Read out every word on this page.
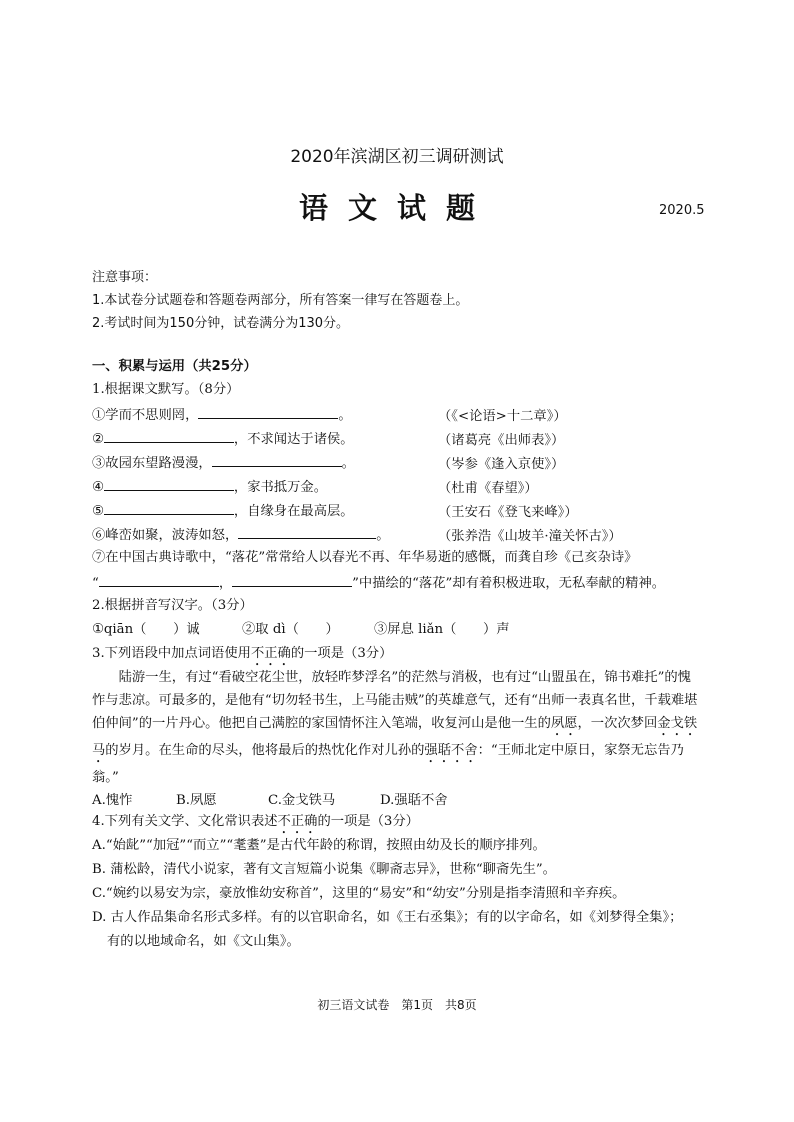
2020年滨湖区初三调研测试
语文试题	2020.5
注意事项：
1.本试卷分试题卷和答题卷两部分，所有答案一律写在答题卷上。
2.考试时间为150分钟，试卷满分为130分。
一、积累与运用（共25分）
1.根据课文默写。（8分）
①学而不思则罔，	。	（《<论语>十二章》）
②	，不求闻达于诸侯。	（诸葛亮《出师表》）
③故园东望路漫漫，	。	（岑参《逢入京使》）
④	，家书抵万金。	（杜甫《春望》）
⑤	，自缘身在最高层。	（王安石《登飞来峰》）
⑥峰峦如聚，波涛如怒，	。	（张养浩《山坡羊·潼关怀古》）
⑦在中国古典诗歌中，“落花”常常给人以春光不再、年华易逝的感慨，而龚自珍《己亥杂诗》
“	，	”中描绘的“落花”却有着积极进取，无私奉献的精神。
2.根据拼音写汉字。（3分）
①qiān（　　）诚	②取 dì（　　）	③屏息 liǎn（　　）声
3.下列语段中加点词语使用不正确的一项是（3分）
陆游一生，有过“看破空花尘世，放轻昨梦浮名”的茫然与消极，也有过“山盟虽在，锦书难托”的愧怍与悲凉。可最多的，是他有“切勿轻书生，上马能击贼”的英雄意气，还有“出师一表真名世，千载难堪伯仲间”的一片丹心。他把自己满腔的家国情怀注入笔端，收复河山是他一生的夙愿，一次次梦回金戈铁马的岁月。在生命的尽头，他将最后的热忱化作对儿孙的强聒不舍：“王师北定中原日，家祭无忘告乃翁。”
A.愧怍	B.夙愿	C.金戈铁马	D.强聒不舍
4.下列有关文学、文化常识表述不正确的一项是（3分）
A.“始龀”“加冠”“而立”“耄耋”是古代年龄的称谓，按照由幼及长的顺序排列。
B. 蒲松龄，清代小说家，著有文言短篇小说集《聊斋志异》，世称“聊斋先生”。
C.“婉约以易安为宗，豪放惟幼安称首”，这里的“易安”和“幼安”分别是指李清照和辛弃疾。
D. 古人作品集命名形式多样。有的以官职命名，如《王右丞集》；有的以字命名，如《刘梦得全集》；
有的以地域命名，如《文山集》。
初三语文试卷　第1页　共8页
